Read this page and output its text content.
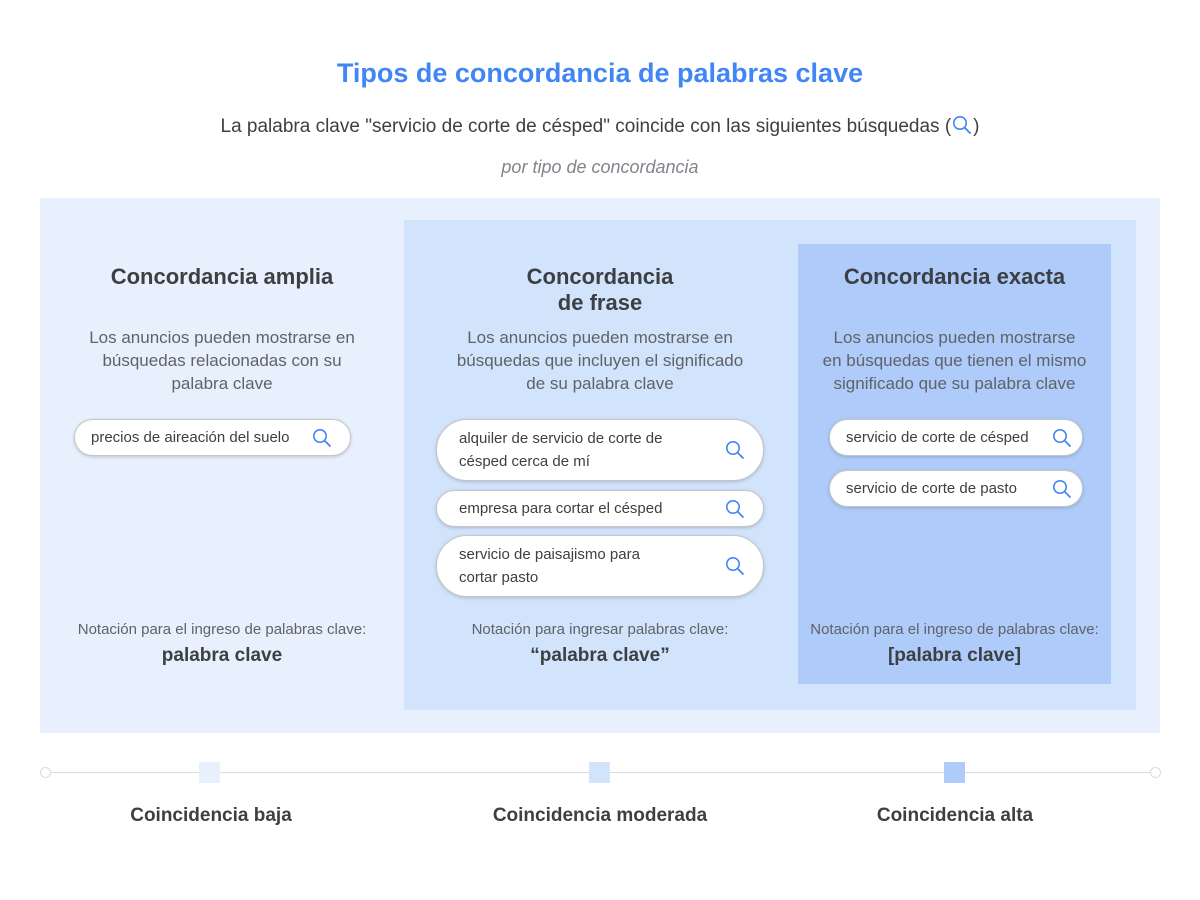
Tipos de concordancia de palabras clave
La palabra clave "servicio de corte de césped" coincide con las siguientes búsquedas ( )
por tipo de concordancia
Concordancia amplia
Los anuncios pueden mostrarse en
búsquedas relacionadas con su
palabra clave
precios de aireación del suelo
Notación para el ingreso de palabras clave:
palabra clave
Concordancia
de frase
Los anuncios pueden mostrarse en
búsquedas que incluyen el significado
de su palabra clave
alquiler de servicio de corte de
césped cerca de mí
empresa para cortar el césped
servicio de paisajismo para
cortar pasto
Notación para ingresar palabras clave:
“palabra clave”
Concordancia exacta
Los anuncios pueden mostrarse
en búsquedas que tienen el mismo
significado que su palabra clave
servicio de corte de césped
servicio de corte de pasto
Notación para el ingreso de palabras clave:
[palabra clave]
Coincidencia baja	Coincidencia moderada	Coincidencia alta
